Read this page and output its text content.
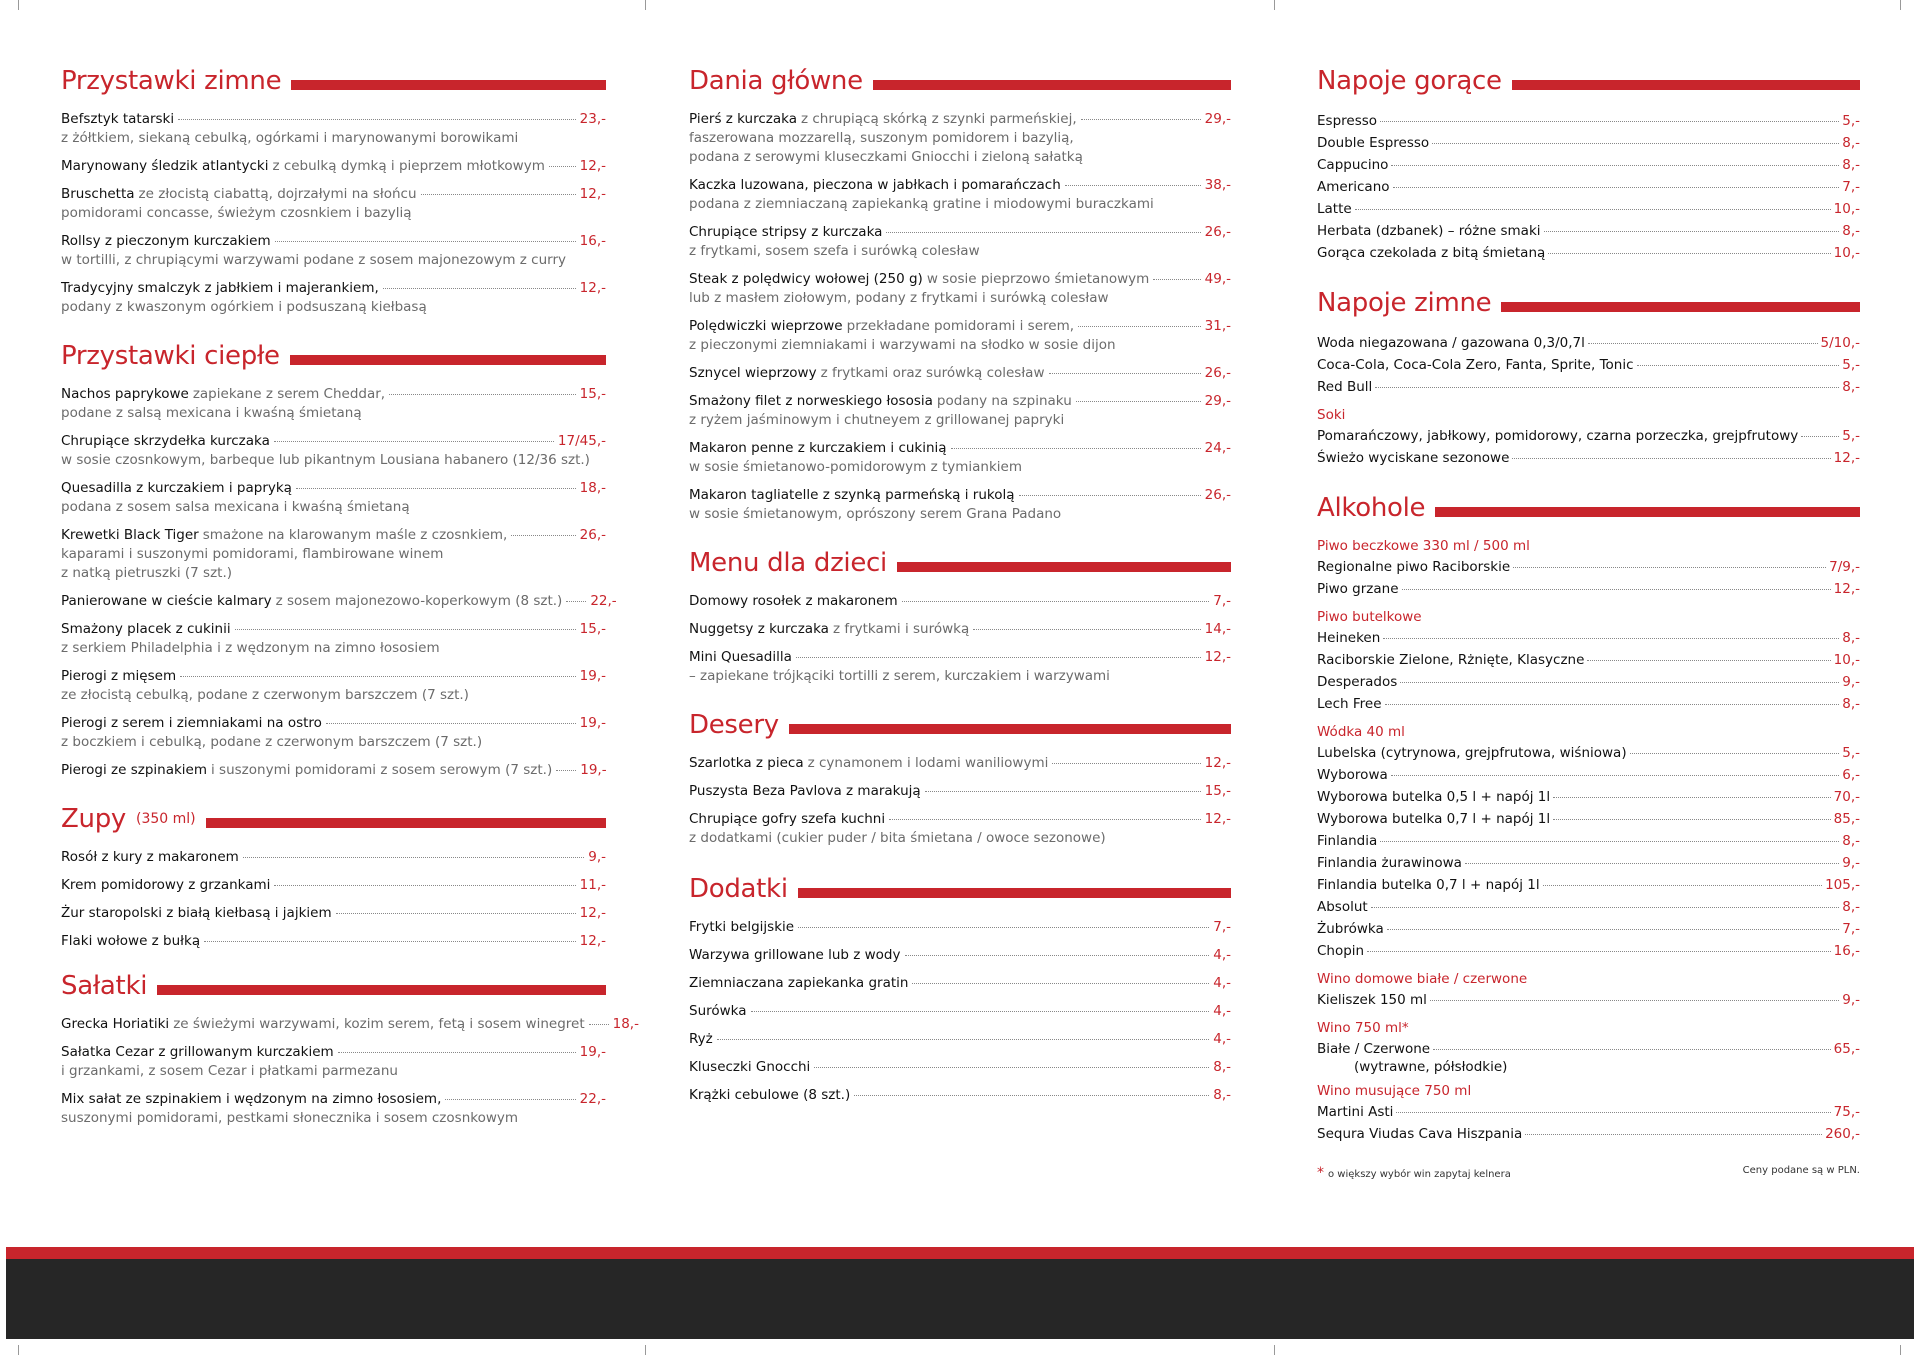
Przystawki zimne
Befsztyk tatarski	23,-
z żółtkiem, siekaną cebulką, ogórkami i marynowanymi borowikami
Marynowany śledzik atlantycki z cebulką dymką i pieprzem młotkowym	12,-
Bruschetta ze złocistą ciabattą, dojrzałymi na słońcu	12,-
pomidorami concasse, świeżym czosnkiem i bazylią
Rollsy z pieczonym kurczakiem	16,-
w tortilli, z chrupiącymi warzywami podane z sosem majonezowym z curry
Tradycyjny smalczyk z jabłkiem i majerankiem,	12,-
podany z kwaszonym ogórkiem i podsuszaną kiełbasą
Przystawki ciepłe
Nachos paprykowe zapiekane z serem Cheddar,	15,-
podane z salsą mexicana i kwaśną śmietaną
Chrupiące skrzydełka kurczaka	17/45,-
w sosie czosnkowym, barbeque lub pikantnym Lousiana habanero (12/36 szt.)
Quesadilla z kurczakiem i papryką	18,-
podana z sosem salsa mexicana i kwaśną śmietaną
Krewetki Black Tiger smażone na klarowanym maśle z czosnkiem,	26,-
kaparami i suszonymi pomidorami, flambirowane winem
z natką pietruszki (7 szt.)
Panierowane w cieście kalmary z sosem majonezowo-koperkowym (8 szt.) 22,-
Smażony placek z cukinii	15,-
z serkiem Philadelphia i z wędzonym na zimno łososiem
Pierogi z mięsem	19,-
ze złocistą cebulką, podane z czerwonym barszczem (7 szt.)
Pierogi z serem i ziemniakami na ostro	19,-
z boczkiem i cebulką, podane z czerwonym barszczem (7 szt.)
Pierogi ze szpinakiem i suszonymi pomidorami z sosem serowym (7 szt.) 19,-
Zupy (350 ml)
Rosół z kury z makaronem	9,-
Krem pomidorowy z grzankami	11,-
Żur staropolski z białą kiełbasą i jajkiem	12,-
Flaki wołowe z bułką	12,-
Sałatki
Grecka Horiatiki ze świeżymi warzywami, kozim serem, fetą i sosem winegret 18,-
Sałatka Cezar z grillowanym kurczakiem	19,-
i grzankami, z sosem Cezar i płatkami parmezanu
Mix sałat ze szpinakiem i wędzonym na zimno łososiem,	22,-
suszonymi pomidorami, pestkami słonecznika i sosem czosnkowym
Dania główne
Pierś z kurczaka z chrupiącą skórką z szynki parmeńskiej,	29,-
faszerowana mozzarellą, suszonym pomidorem i bazylią,
podana z serowymi kluseczkami Gniocchi i zieloną sałatką
Kaczka luzowana, pieczona w jabłkach i pomarańczach	38,-
podana z ziemniaczaną zapiekanką gratine i miodowymi buraczkami
Chrupiące stripsy z kurczaka	26,-
z frytkami, sosem szefa i surówką colesław
Steak z polędwicy wołowej (250 g) w sosie pieprzowo śmietanowym	49,-
lub z masłem ziołowym, podany z frytkami i surówką colesław
Polędwiczki wieprzowe przekładane pomidorami i serem,	31,-
z pieczonymi ziemniakami i warzywami na słodko w sosie dijon
Sznycel wieprzowy z frytkami oraz surówką colesław	26,-
Smażony filet z norweskiego łososia podany na szpinaku	29,-
z ryżem jaśminowym i chutneyem z grillowanej papryki
Makaron penne z kurczakiem i cukinią	24,-
w sosie śmietanowo-pomidorowym z tymiankiem
Makaron tagliatelle z szynką parmeńską i rukolą	26,-
w sosie śmietanowym, oprószony serem Grana Padano
Menu dla dzieci
Domowy rosołek z makaronem	7,-
Nuggetsy z kurczaka z frytkami i surówką	14,-
Mini Quesadilla	12,-
– zapiekane trójkąciki tortilli z serem, kurczakiem i warzywami
Desery
Szarlotka z pieca z cynamonem i lodami waniliowymi	12,-
Puszysta Beza Pavlova z marakują	15,-
Chrupiące gofry szefa kuchni	12,-
z dodatkami (cukier puder / bita śmietana / owoce sezonowe)
Dodatki
Frytki belgijskie	7,-
Warzywa grillowane lub z wody	4,-
Ziemniaczana zapiekanka gratin	4,-
Surówka	4,-
Ryż	4,-
Kluseczki Gnocchi	8,-
Krążki cebulowe (8 szt.)	8,-
Napoje gorące
Espresso	5,-
Double Espresso	8,-
Cappucino	8,-
Americano	7,-
Latte	10,-
Herbata (dzbanek) – różne smaki	8,-
Gorąca czekolada z bitą śmietaną	10,-
Napoje zimne
Woda niegazowana / gazowana 0,3/0,7l	5/10,-
Coca-Cola, Coca-Cola Zero, Fanta, Sprite, Tonic	5,-
Red Bull	8,-
Soki
Pomarańczowy, jabłkowy, pomidorowy, czarna porzeczka, grejpfrutowy	5,-
Świeżo wyciskane sezonowe	12,-
Alkohole
Piwo beczkowe 330 ml / 500 ml
Regionalne piwo Raciborskie	7/9,-
Piwo grzane	12,-
Piwo butelkowe
Heineken	8,-
Raciborskie Zielone, Rżnięte, Klasyczne	10,-
Desperados	9,-
Lech Free	8,-
Wódka 40 ml
Lubelska (cytrynowa, grejpfrutowa, wiśniowa)	5,-
Wyborowa	6,-
Wyborowa butelka 0,5 l + napój 1l	70,-
Wyborowa butelka 0,7 l + napój 1l	85,-
Finlandia	8,-
Finlandia żurawinowa	9,-
Finlandia butelka 0,7 l + napój 1l	105,-
Absolut	8,-
Żubrówka	7,-
Chopin	16,-
Wino domowe białe / czerwone
Kieliszek 150 ml	9,-
Wino 750 ml*
Białe / Czerwone	65,-
(wytrawne, półsłodkie)
Wino musujące 750 ml
Martini Asti	75,-
Sequra Viudas Cava Hiszpania	260,-
* o większy wybór win zapytaj kelnera	Ceny podane są w PLN.
